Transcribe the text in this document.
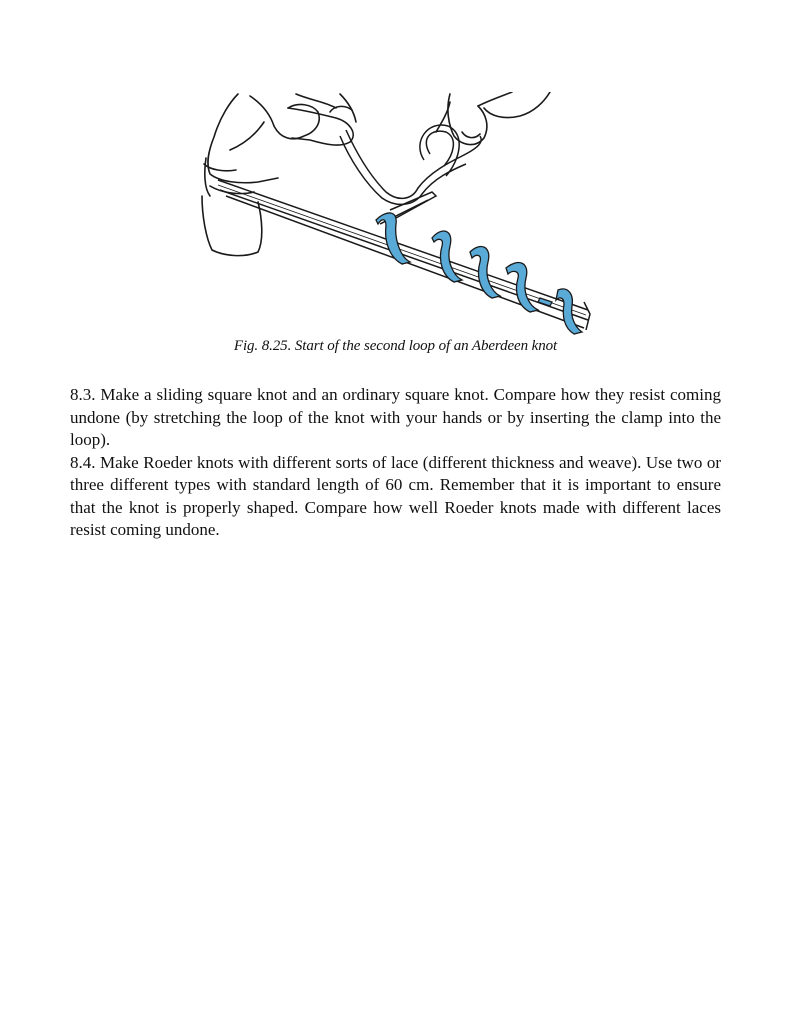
Fig. 8.25. Start of the second loop of an Aberdeen knot

8.3. Make a sliding square knot and an ordinary square knot. Compare how they resist coming undone (by stretching the loop of the knot with your hands or by inserting the clamp into the loop).

8.4. Make Roeder knots with different sorts of lace (different thickness and weave). Use two or three different types with standard length of 60 cm. Remember that it is important to ensure that the knot is properly shaped. Compare how well Roeder knots made with different laces resist coming undone.
